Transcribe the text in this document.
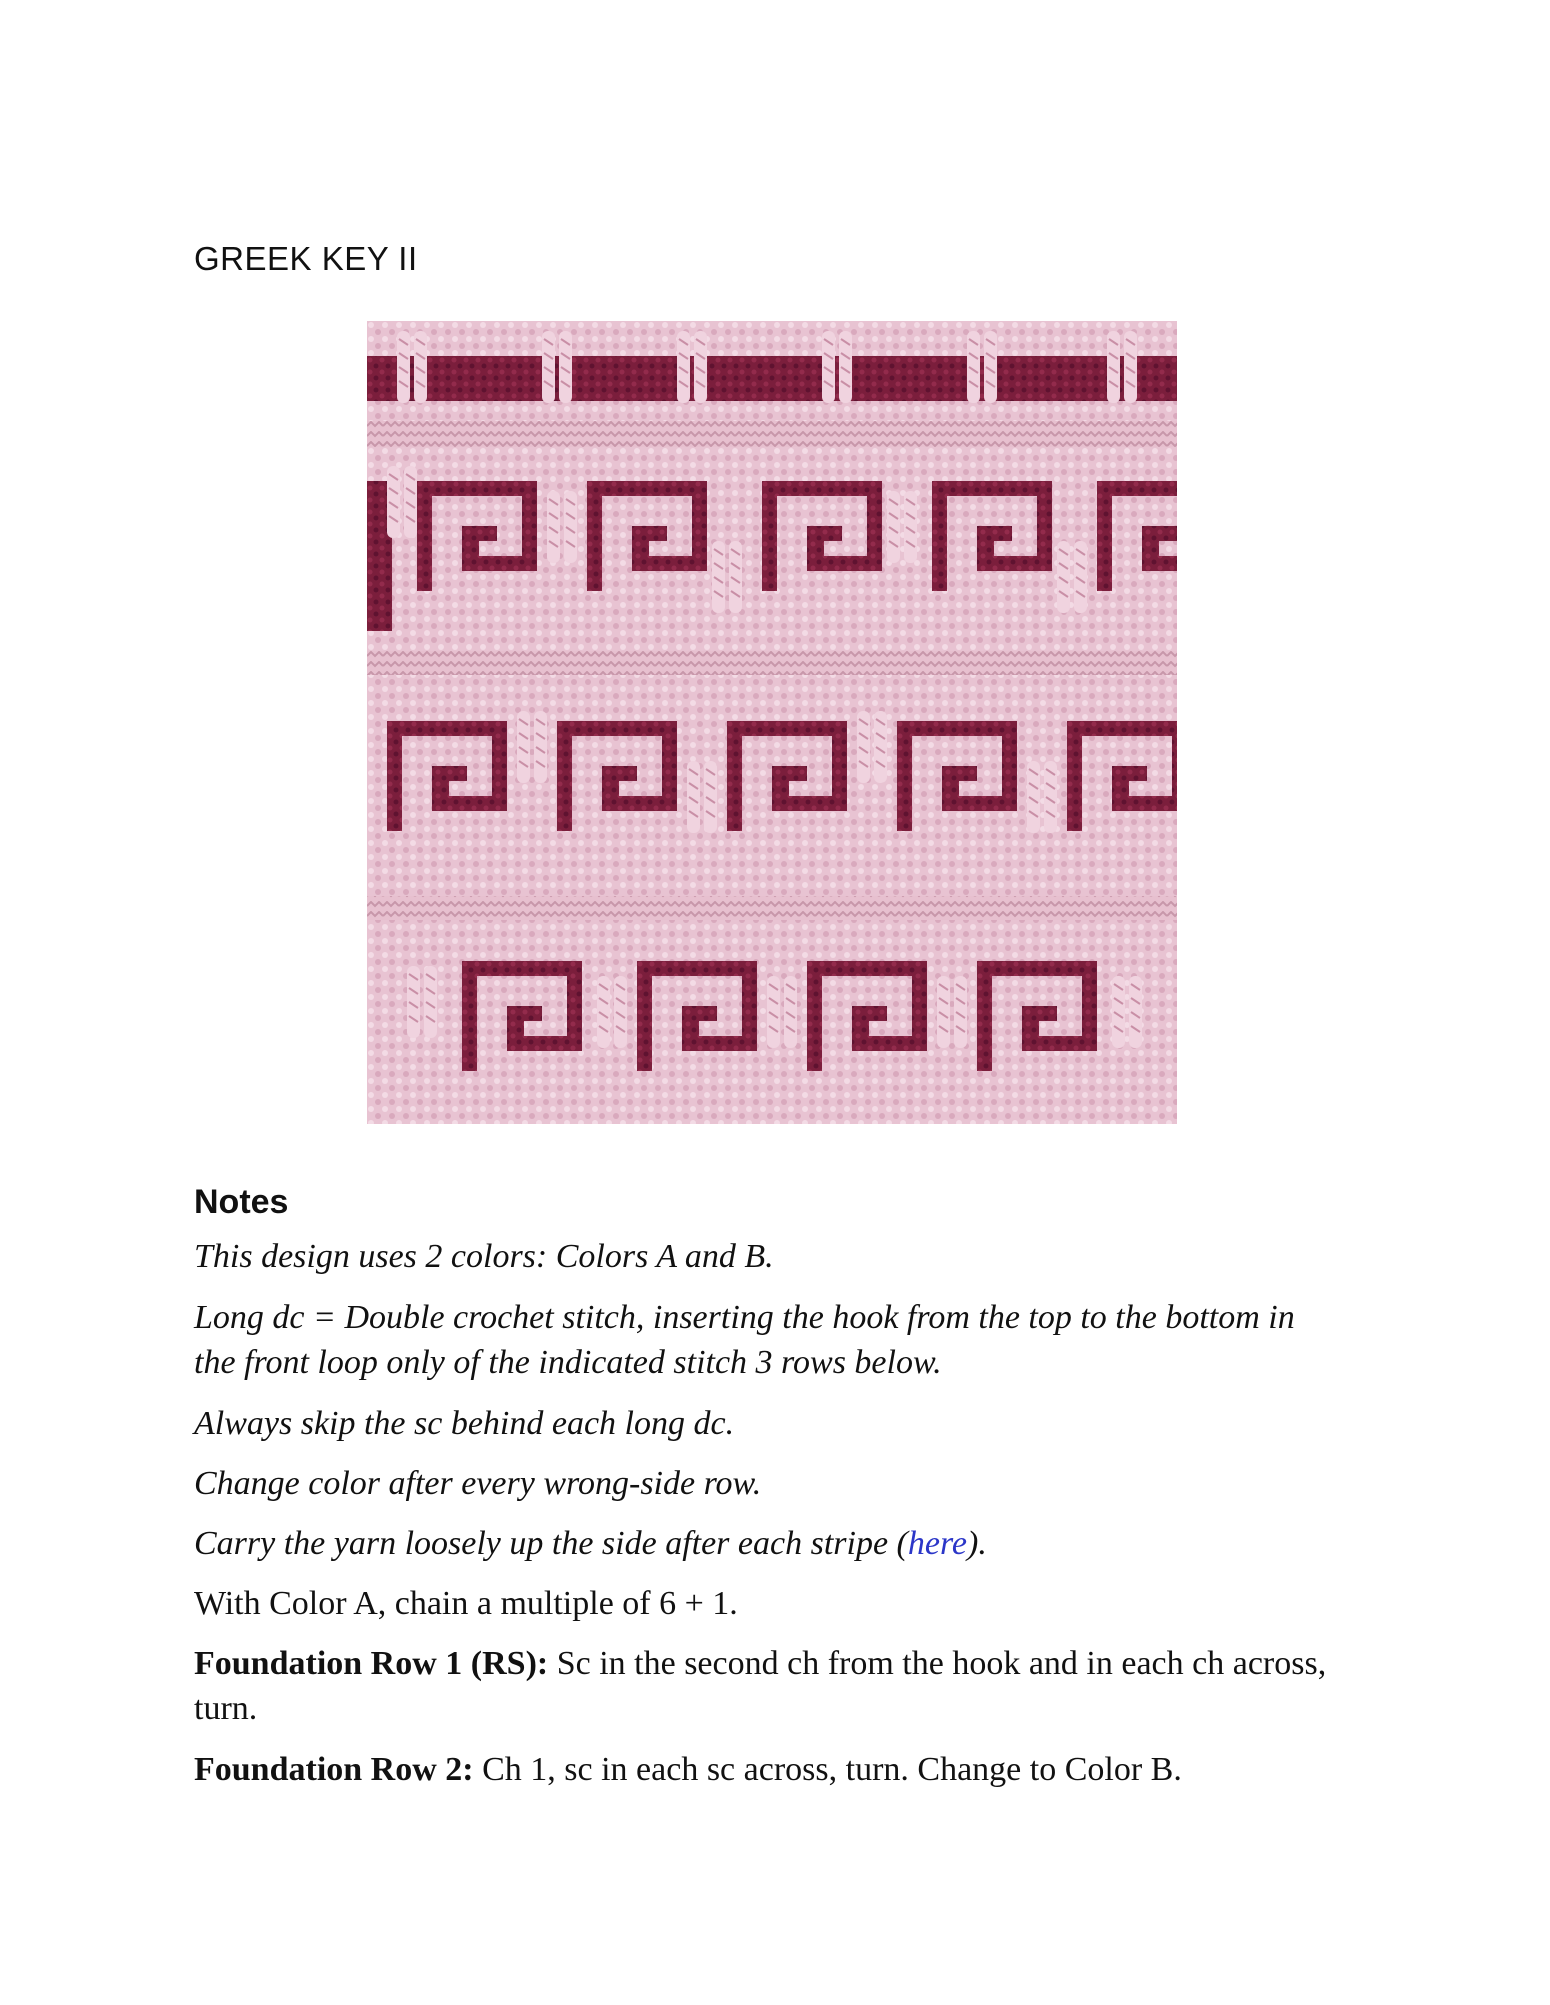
GREEK KEY II
Notes
This design uses 2 colors: Colors A and B.
Long dc = Double crochet stitch, inserting the hook from the top to the bottom in the front loop only of the indicated stitch 3 rows below.
Always skip the sc behind each long dc.
Change color after every wrong-side row.
Carry the yarn loosely up the side after each stripe (here).
With Color A, chain a multiple of 6 + 1.
Foundation Row 1 (RS): Sc in the second ch from the hook and in each ch across, turn.
Foundation Row 2: Ch 1, sc in each sc across, turn. Change to Color B.
